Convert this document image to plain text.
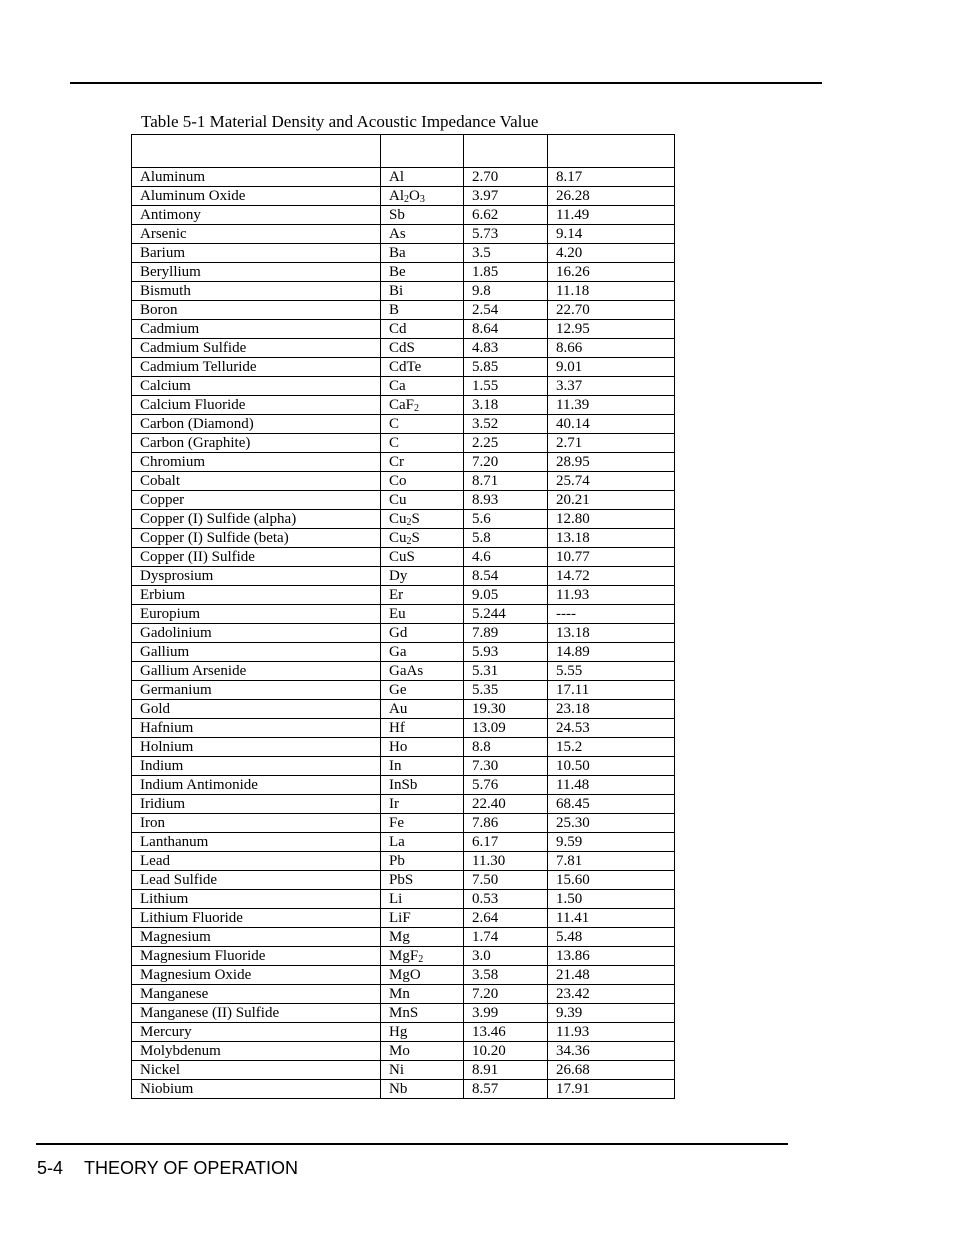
Table 5-1 Material Density and Acoustic Impedance Value

Aluminum	Al	2.70	8.17
Aluminum Oxide	$Al_2O_3$	3.97	26.28
Antimony	Sb	6.62	11.49
Arsenic	As	5.73	9.14
Barium	Ba	3.5	4.20
Beryllium	Be	1.85	16.26
Bismuth	Bi	9.8	11.18
Boron	B	2.54	22.70
Cadmium	Cd	8.64	12.95
Cadmium Sulfide	CdS	4.83	8.66
Cadmium Telluride	CdTe	5.85	9.01
Calcium	Ca	1.55	3.37
Calcium Fluoride	CaF$_2$	3.18	11.39
Carbon (Diamond)	C	3.52	40.14
Carbon (Graphite)	C	2.25	2.71
Chromium	Cr	7.20	28.95
Cobalt	Co	8.71	25.74
Copper	Cu	8.93	20.21
Copper (I) Sulfide (alpha)	$Cu_2S$	5.6	12.80
Copper (I) Sulfide (beta)	$Cu_2S$	5.8	13.18
Copper (II) Sulfide	CuS	4.6	10.77
Dysprosium	Dy	8.54	14.72
Erbium	Er	9.05	11.93
Europium	Eu	5.244	----
Gadolinium	Gd	7.89	13.18
Gallium	Ga	5.93	14.89
Gallium Arsenide	GaAs	5.31	5.55
Germanium	Ge	5.35	17.11
Gold	Au	19.30	23.18
Hafnium	Hf	13.09	24.53
Holnium	Ho	8.8	15.2
Indium	In	7.30	10.50
Indium Antimonide	InSb	5.76	11.48
Iridium	Ir	22.40	68.45
Iron	Fe	7.86	25.30
Lanthanum	La	6.17	9.59
Lead	Pb	11.30	7.81
Lead Sulfide	PbS	7.50	15.60
Lithium	Li	0.53	1.50
Lithium Fluoride	LiF	2.64	11.41
Magnesium	Mg	1.74	5.48
Magnesium Fluoride	MgF$_2$	3.0	13.86
Magnesium Oxide	MgO	3.58	21.48
Manganese	Mn	7.20	23.42
Manganese (II) Sulfide	MnS	3.99	9.39
Mercury	Hg	13.46	11.93
Molybdenum	Mo	10.20	34.36
Nickel	Ni	8.91	26.68
Niobium	Nb	8.57	17.91
5-4 THEORY OF OPERATION
